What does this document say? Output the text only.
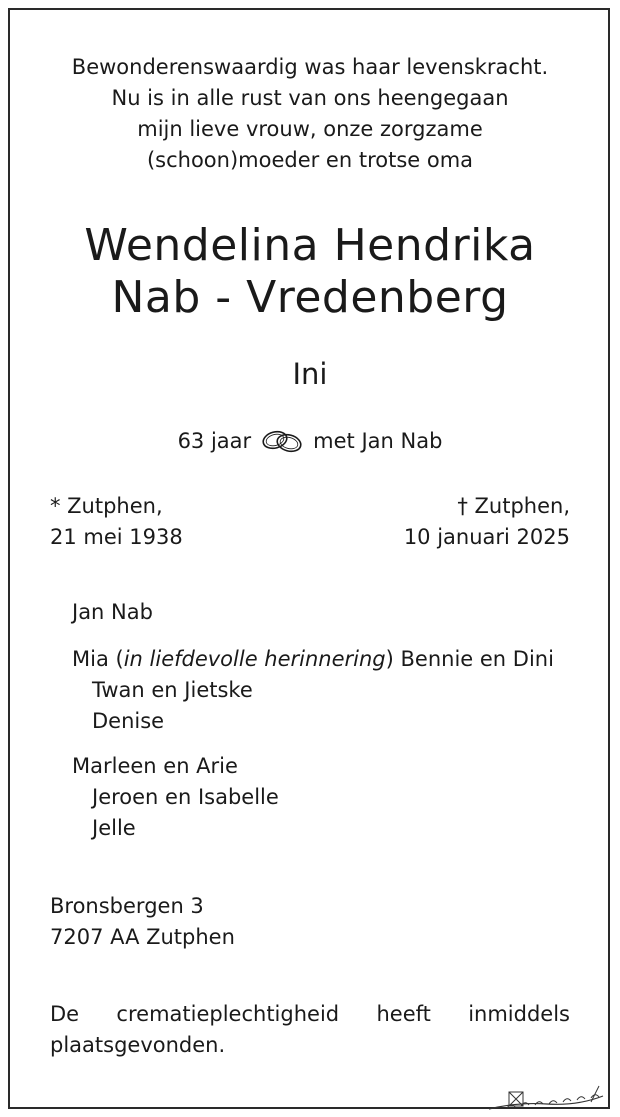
Bewonderenswaardig was haar levenskracht.
Nu is in alle rust van ons heengegaan
mijn lieve vrouw, onze zorgzame
(schoon)moeder en trotse oma
Wendelina Hendrika
Nab - Vredenberg
Ini
63 jaar	met Jan Nab
* Zutphen,
21 mei 1938
† Zutphen,
10 januari 2025
Jan Nab
Mia (in liefdevolle herinnering) Bennie en Dini
Twan en Jietske
Denise
Marleen en Arie
Jeroen en Isabelle
Jelle
Bronsbergen 3
7207 AA Zutphen
De crematieplechtigheid heeft inmiddels plaatsgevonden.
